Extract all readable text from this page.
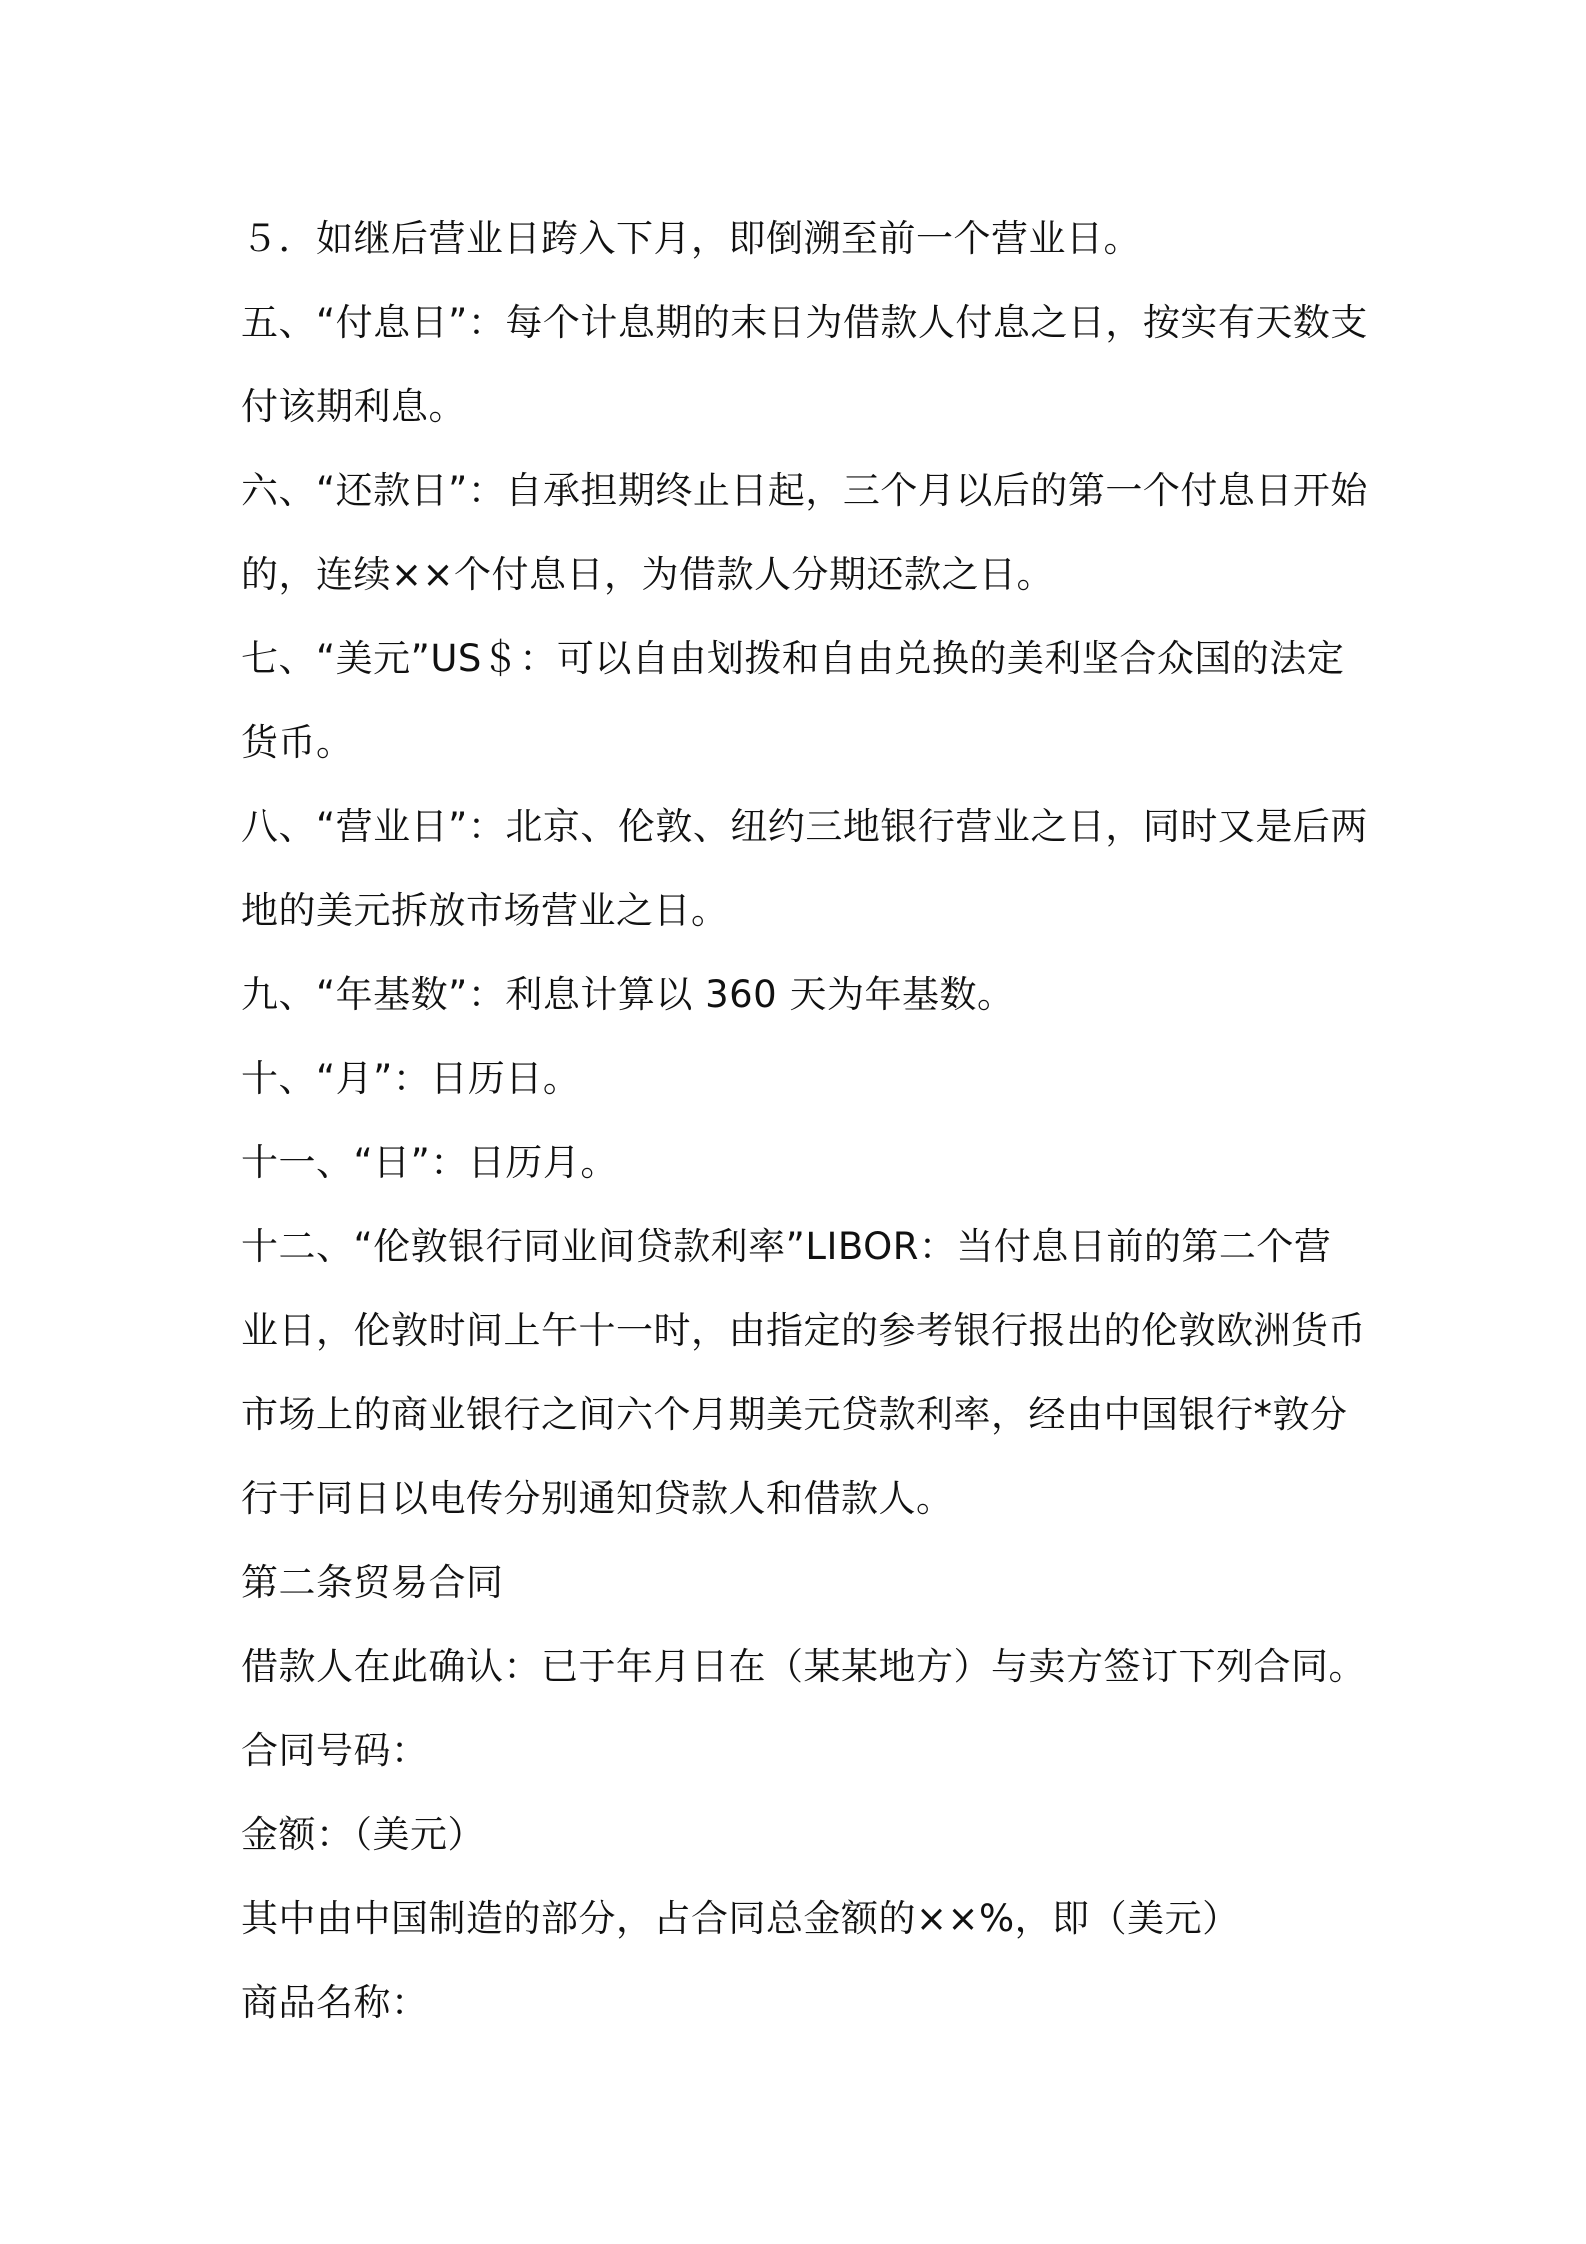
５．如继后营业日跨入下月，即倒溯至前一个营业日。
五、“付息日”：每个计息期的末日为借款人付息之日，按实有天数支
付该期利息。
六、“还款日”：自承担期终止日起，三个月以后的第一个付息日开始
的，连续××个付息日，为借款人分期还款之日。
七、“美元”US＄：可以自由划拨和自由兑换的美利坚合众国的法定
货币。
八、“营业日”：北京、伦敦、纽约三地银行营业之日，同时又是后两
地的美元拆放市场营业之日。
九、“年基数”：利息计算以 360 天为年基数。
十、“月”：日历日。
十一、“日”：日历月。
十二、“伦敦银行同业间贷款利率”LIBOR：当付息日前的第二个营
业日，伦敦时间上午十一时，由指定的参考银行报出的伦敦欧洲货币
市场上的商业银行之间六个月期美元贷款利率，经由中国银行*敦分
行于同日以电传分别通知贷款人和借款人。
第二条贸易合同
借款人在此确认：已于年月日在（某某地方）与卖方签订下列合同。
合同号码：
金额：（美元）
其中由中国制造的部分，占合同总金额的××%，即（美元）
商品名称：
